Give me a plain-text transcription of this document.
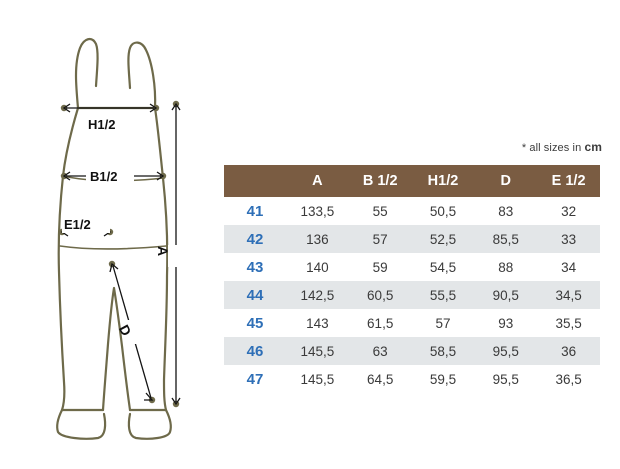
H1/2
B1/2
E1/2
A
D
* all sizes in cm
	A	B 1/2	H1/2	D	E 1/2
41	133,5	55	50,5	83	32
42	136	57	52,5	85,5	33
43	140	59	54,5	88	34
44	142,5	60,5	55,5	90,5	34,5
45	143	61,5	57	93	35,5
46	145,5	63	58,5	95,5	36
47	145,5	64,5	59,5	95,5	36,5
